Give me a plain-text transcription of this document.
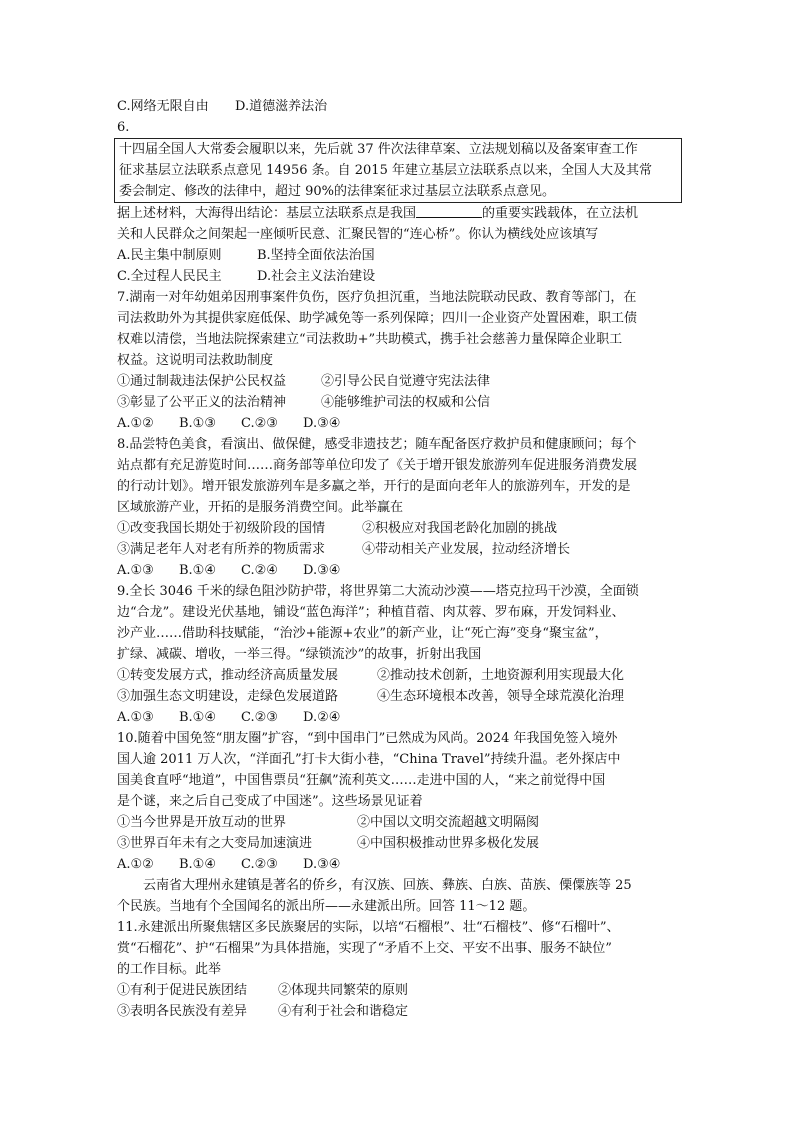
C.网络无限自由 D.道德滋养法治
6.
十四届全国人大常委会履职以来，先后就 37 件次法律草案、立法规划稿以及备案审查工作
征求基层立法联系点意见 14956 条。自 2015 年建立基层立法联系点以来，全国人大及其常
委会制定、修改的法律中，超过 90%的法律案征求过基层立法联系点意见。
据上述材料，大海得出结论：基层立法联系点是我国	的重要实践载体，在立法机
关和人民群众之间架起一座倾听民意、汇聚民智的“连心桥”。你认为横线处应该填写
A.民主集中制原则	B.坚持全面依法治国
C.全过程人民民主	D.社会主义法治建设
7.湖南一对年幼姐弟因刑事案件负伤，医疗负担沉重，当地法院联动民政、教育等部门，在
司法救助外为其提供家庭低保、助学减免等一系列保障；四川一企业资产处置困难，职工债
权难以清偿，当地法院探索建立“司法救助+”共助模式，携手社会慈善力量保障企业职工
权益。这说明司法救助制度
①通过制裁违法保护公民权益	②引导公民自觉遵守宪法法律
③彰显了公平正义的法治精神	④能够维护司法的权威和公信
A.①② B.①③ C.②③ D.③④
8.品尝特色美食，看演出、做保健，感受非遗技艺；随车配备医疗救护员和健康顾问；每个
站点都有充足游览时间……商务部等单位印发了《关于增开银发旅游列车促进服务消费发展
的行动计划》。增开银发旅游列车是多赢之举，开行的是面向老年人的旅游列车，开发的是
区域旅游产业，开拓的是服务消费空间。此举赢在
①改变我国长期处于初级阶段的国情	②积极应对我国老龄化加剧的挑战
③满足老年人对老有所养的物质需求	④带动相关产业发展，拉动经济增长
A.①③ B.①④ C.②④ D.③④
9.全长 3046 千米的绿色阻沙防护带，将世界第二大流动沙漠——塔克拉玛干沙漠，全面锁
边“合龙”。建设光伏基地，铺设“蓝色海洋”；种植苜蓿、肉苁蓉、罗布麻，开发饲料业、
沙产业……借助科技赋能，“治沙+能源+农业”的新产业，让“死亡海”变身“聚宝盆”，
扩绿、减碳、增收，一举三得。“绿锁流沙”的故事，折射出我国
①转变发展方式，推动经济高质量发展	②推动技术创新，土地资源利用实现最大化
③加强生态文明建设，走绿色发展道路	④生态环境根本改善，领导全球荒漠化治理
A.①③ B.①④ C.②③ D.②④
10.随着中国免签“朋友圈”扩容，“到中国串门”已然成为风尚。2024 年我国免签入境外
国人逾 2011 万人次，“洋面孔”打卡大街小巷，“China Travel”持续升温。老外探店中
国美食直呼“地道”，中国售票员“狂飙”流利英文……走进中国的人，“来之前觉得中国
是个谜，来之后自己变成了中国迷”。这些场景见证着
①当今世界是开放互动的世界	②中国以文明交流超越文明隔阂
③世界百年未有之大变局加速演进	④中国积极推动世界多极化发展
A.①② B.①④ C.②③ D.③④
云南省大理州永建镇是著名的侨乡，有汉族、回族、彝族、白族、苗族、傈僳族等 25
个民族。当地有个全国闻名的派出所——永建派出所。回答 11～12 题。
11.永建派出所聚焦辖区多民族聚居的实际，以培“石榴根”、壮“石榴枝”、修“石榴叶”、
赏“石榴花”、护“石榴果”为具体措施，实现了“矛盾不上交、平安不出事、服务不缺位”
的工作目标。此举
①有利于促进民族团结 ②体现共同繁荣的原则
③表明各民族没有差异 ④有利于社会和谐稳定
